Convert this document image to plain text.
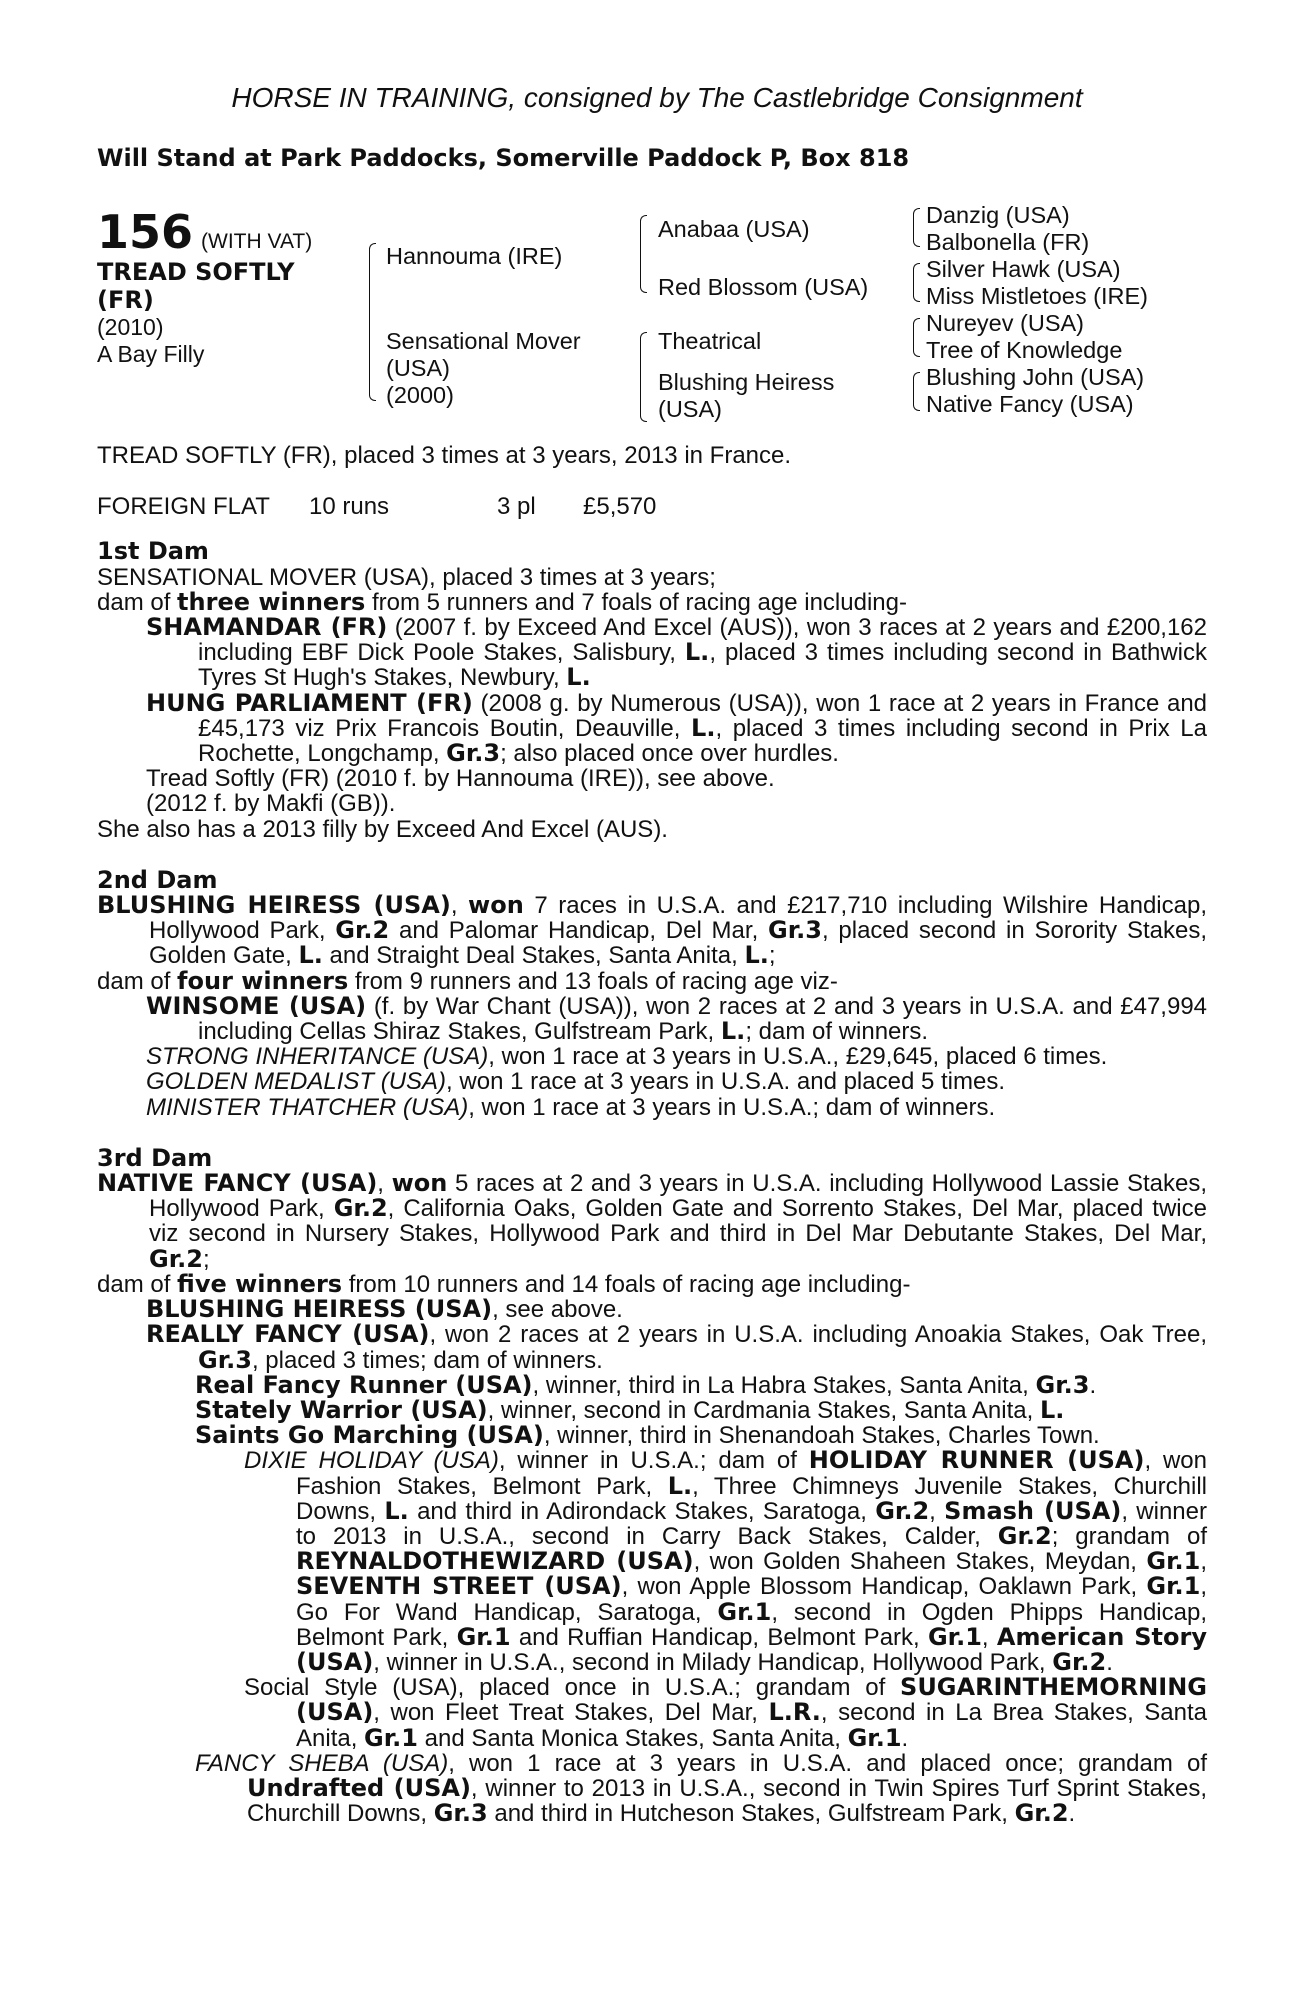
HORSE IN TRAINING, consigned by The Castlebridge Consignment
Will Stand at Park Paddocks, Somerville Paddock P, Box 818
156 (WITH VAT)
TREAD SOFTLY
(FR)
(2010)
A Bay Filly
Hannouma (IRE)
Sensational Mover
(USA)
(2000)
Anabaa (USA)
Red Blossom (USA)
Theatrical
Blushing Heiress
(USA)
Danzig (USA)
Balbonella (FR)
Silver Hawk (USA)
Miss Mistletoes (IRE)
Nureyev (USA)
Tree of Knowledge
Blushing John (USA)
Native Fancy (USA)

TREAD SOFTLY (FR), placed 3 times at 3 years, 2013 in France.

FOREIGN FLAT 10 runs	3 pl £5,570

1st Dam

SENSATIONAL MOVER (USA), placed 3 times at 3 years;

dam of three winners from 5 runners and 7 foals of racing age including-

SHAMANDAR (FR) (2007 f. by Exceed And Excel (AUS)), won 3 races at 2 years and £200,162 including EBF Dick Poole Stakes, Salisbury, L., placed 3 times including second in Bathwick Tyres St Hugh's Stakes, Newbury, L.

HUNG PARLIAMENT (FR) (2008 g. by Numerous (USA)), won 1 race at 2 years in France and £45,173 viz Prix Francois Boutin, Deauville, L., placed 3 times including second in Prix La Rochette, Longchamp, Gr.3; also placed once over hurdles.

Tread Softly (FR) (2010 f. by Hannouma (IRE)), see above.

(2012 f. by Makfi (GB)).

She also has a 2013 filly by Exceed And Excel (AUS).

2nd Dam

BLUSHING HEIRESS (USA), won 7 races in U.S.A. and £217,710 including Wilshire Handicap, Hollywood Park, Gr.2 and Palomar Handicap, Del Mar, Gr.3, placed second in Sorority Stakes, Golden Gate, L. and Straight Deal Stakes, Santa Anita, L.;

dam of four winners from 9 runners and 13 foals of racing age viz-

WINSOME (USA) (f. by War Chant (USA)), won 2 races at 2 and 3 years in U.S.A. and £47,994 including Cellas Shiraz Stakes, Gulfstream Park, L.; dam of winners.

STRONG INHERITANCE (USA), won 1 race at 3 years in U.S.A., £29,645, placed 6 times.

GOLDEN MEDALIST (USA), won 1 race at 3 years in U.S.A. and placed 5 times.

MINISTER THATCHER (USA), won 1 race at 3 years in U.S.A.; dam of winners.

3rd Dam

NATIVE FANCY (USA), won 5 races at 2 and 3 years in U.S.A. including Hollywood Lassie Stakes, Hollywood Park, Gr.2, California Oaks, Golden Gate and Sorrento Stakes, Del Mar, placed twice viz second in Nursery Stakes, Hollywood Park and third in Del Mar Debutante Stakes, Del Mar, Gr.2;

dam of five winners from 10 runners and 14 foals of racing age including-

BLUSHING HEIRESS (USA), see above.

REALLY FANCY (USA), won 2 races at 2 years in U.S.A. including Anoakia Stakes, Oak Tree, Gr.3, placed 3 times; dam of winners.

Real Fancy Runner (USA), winner, third in La Habra Stakes, Santa Anita, Gr.3.

Stately Warrior (USA), winner, second in Cardmania Stakes, Santa Anita, L.

Saints Go Marching (USA), winner, third in Shenandoah Stakes, Charles Town.

DIXIE HOLIDAY (USA), winner in U.S.A.; dam of HOLIDAY RUNNER (USA), won Fashion Stakes, Belmont Park, L., Three Chimneys Juvenile Stakes, Churchill Downs, L. and third in Adirondack Stakes, Saratoga, Gr.2, Smash (USA), winner to 2013 in U.S.A., second in Carry Back Stakes, Calder, Gr.2; grandam of REYNALDOTHEWIZARD (USA), won Golden Shaheen Stakes, Meydan, Gr.1, SEVENTH STREET (USA), won Apple Blossom Handicap, Oaklawn Park, Gr.1, Go For Wand Handicap, Saratoga, Gr.1, second in Ogden Phipps Handicap, Belmont Park, Gr.1 and Ruffian Handicap, Belmont Park, Gr.1, American Story (USA), winner in U.S.A., second in Milady Handicap, Hollywood Park, Gr.2.

Social Style (USA), placed once in U.S.A.; grandam of SUGARINTHEMORNING (USA), won Fleet Treat Stakes, Del Mar, L.R., second in La Brea Stakes, Santa Anita, Gr.1 and Santa Monica Stakes, Santa Anita, Gr.1.

FANCY SHEBA (USA), won 1 race at 3 years in U.S.A. and placed once; grandam of Undrafted (USA), winner to 2013 in U.S.A., second in Twin Spires Turf Sprint Stakes, Churchill Downs, Gr.3 and third in Hutcheson Stakes, Gulfstream Park, Gr.2.
